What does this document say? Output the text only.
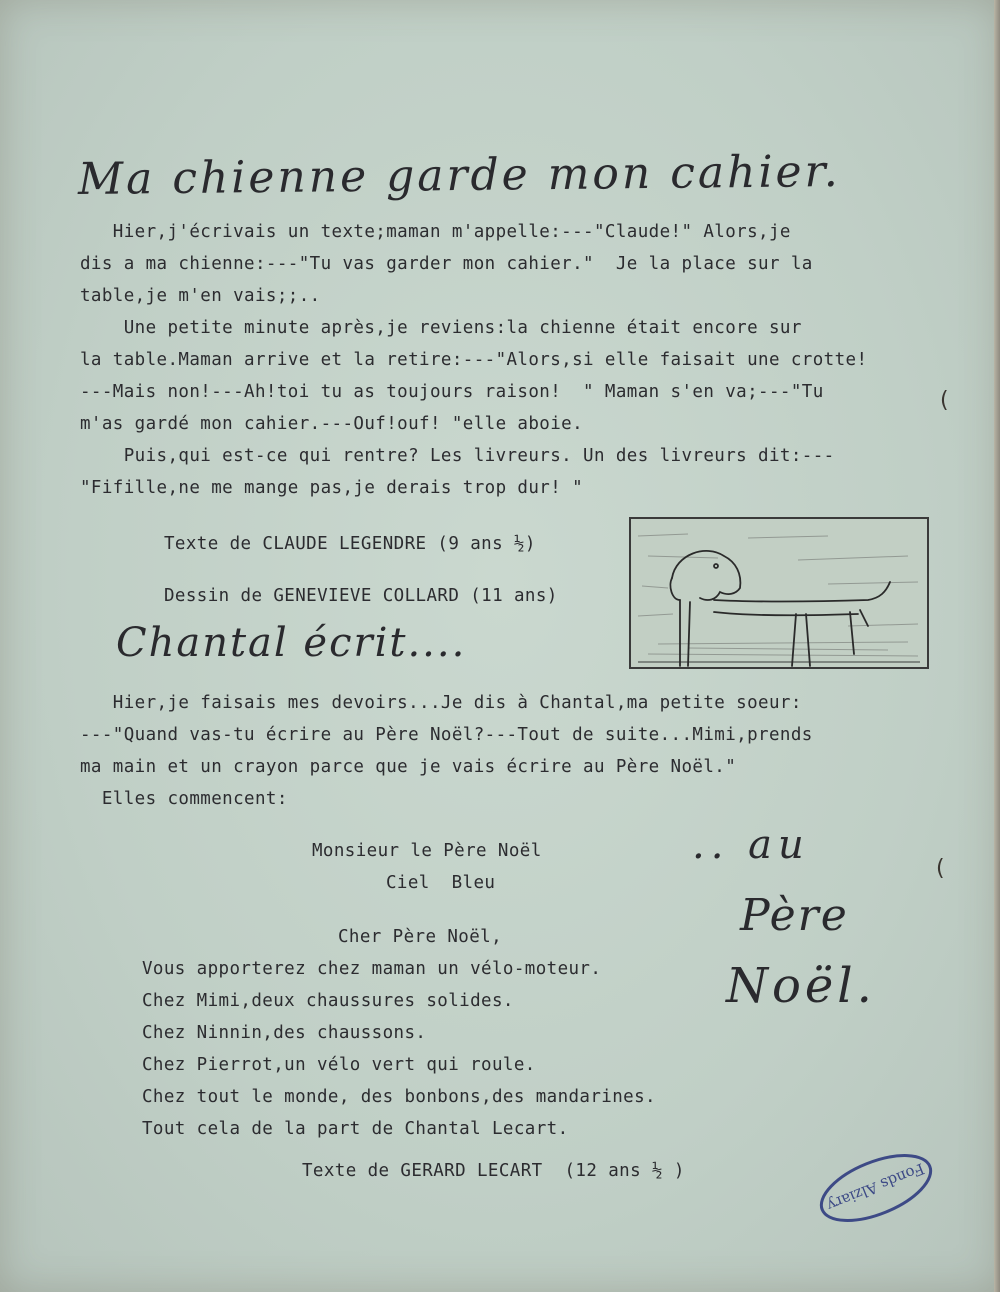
Ma chienne garde mon cahier.
Hier,j'écrivais un texte;maman m'appelle:---"Claude!" Alors,je
dis a ma chienne:---"Tu vas garder mon cahier."  Je la place sur la
table,je m'en vais;;..
Une petite minute après,je reviens:la chienne était encore sur
la table.Maman arrive et la retire:---"Alors,si elle faisait une crotte!
---Mais non!---Ah!toi tu as toujours raison!  " Maman s'en va;---"Tu
m'as gardé mon cahier.---Ouf!ouf! "elle aboie.
Puis,qui est-ce qui rentre? Les livreurs. Un des livreurs dit:---
"Fifille,ne me mange pas,je derais trop dur! "
Texte de CLAUDE LEGENDRE (9 ans ½)
Dessin de GENEVIEVE COLLARD (11 ans)
Chantal écrit....
Hier,je faisais mes devoirs...Je dis à Chantal,ma petite soeur:
---"Quand vas-tu écrire au Père Noël?---Tout de suite...Mimi,prends
ma main et un crayon parce que je vais écrire au Père Noël."
Elles commencent:
Monsieur le Père Noël
Ciel  Bleu
Cher Père Noël,
Vous apporterez chez maman un vélo-moteur.
Chez Mimi,deux chaussures solides.
Chez Ninnin,des chaussons.
Chez Pierrot,un vélo vert qui roule.
Chez tout le monde, des bonbons,des mandarines.
Tout cela de la part de Chantal Lecart.
Texte de GERARD LECART  (12 ans ½ )
.. au
Père
Noël.
(
(
Fonds Alziary
